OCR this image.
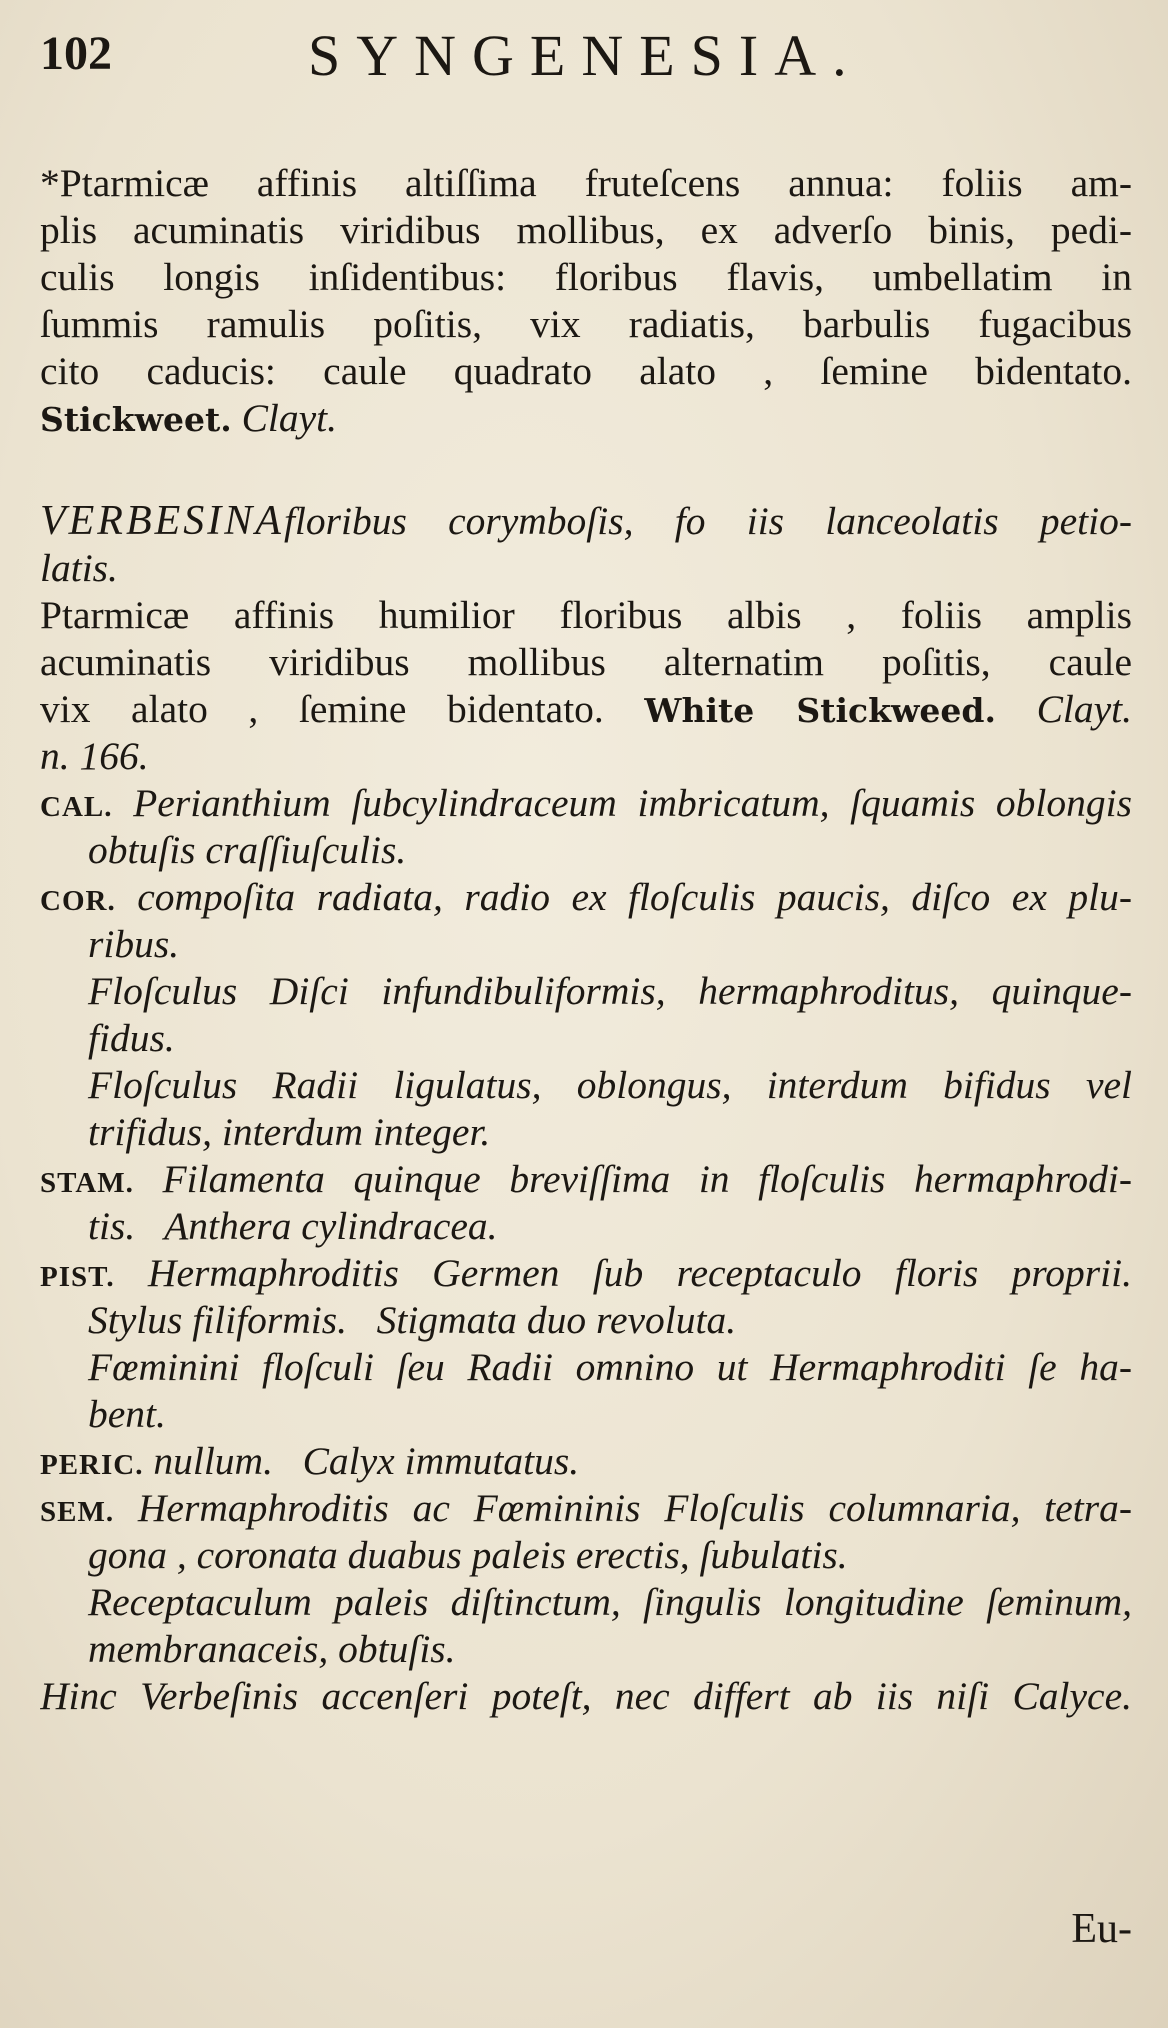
102	SYNGENESIA.
*Ptarmicæ affinis altiſſima fruteſcens annua: foliis am-
plis acuminatis viridibus mollibus, ex adverſo binis, pedi-
culis longis inſidentibus: floribus flavis, umbellatim in
ſummis ramulis poſitis, vix radiatis, barbulis fugacibus
cito caducis: caule quadrato alato , ſemine bidentato.
Stickweet. Clayt.
VERBESINAfloribus corymboſis, fo iis lanceolatis petio-
latis.
Ptarmicæ affinis humilior floribus albis , foliis amplis
acuminatis viridibus mollibus alternatim poſitis, caule
vix alato , ſemine bidentato. White Stickweed. Clayt.
n. 166.
CAL. Perianthium ſubcylindraceum imbricatum, ſquamis oblongis
obtuſis craſſiuſculis.
COR. compoſita radiata, radio ex floſculis paucis, diſco ex plu-
ribus.
Floſculus Diſci infundibuliformis, hermaphroditus, quinque-
fidus.
Floſculus Radii ligulatus, oblongus, interdum bifidus vel
trifidus, interdum integer.
STAM. Filamenta quinque breviſſima in floſculis hermaphrodi-
tis.   Anthera cylindracea.
PIST. Hermaphroditis Germen ſub receptaculo floris proprii.
Stylus filiformis.   Stigmata duo revoluta.
Fœminini floſculi ſeu Radii omnino ut Hermaphroditi ſe ha-
bent.
PERIC. nullum.   Calyx immutatus.
SEM. Hermaphroditis ac Fœmininis Floſculis columnaria, tetra-
gona , coronata duabus paleis erectis, ſubulatis.
Receptaculum paleis diſtinctum, ſingulis longitudine ſeminum,
membranaceis, obtuſis.
Hinc Verbeſinis accenſeri poteſt, nec differt ab iis niſi Calyce.
Eu-
